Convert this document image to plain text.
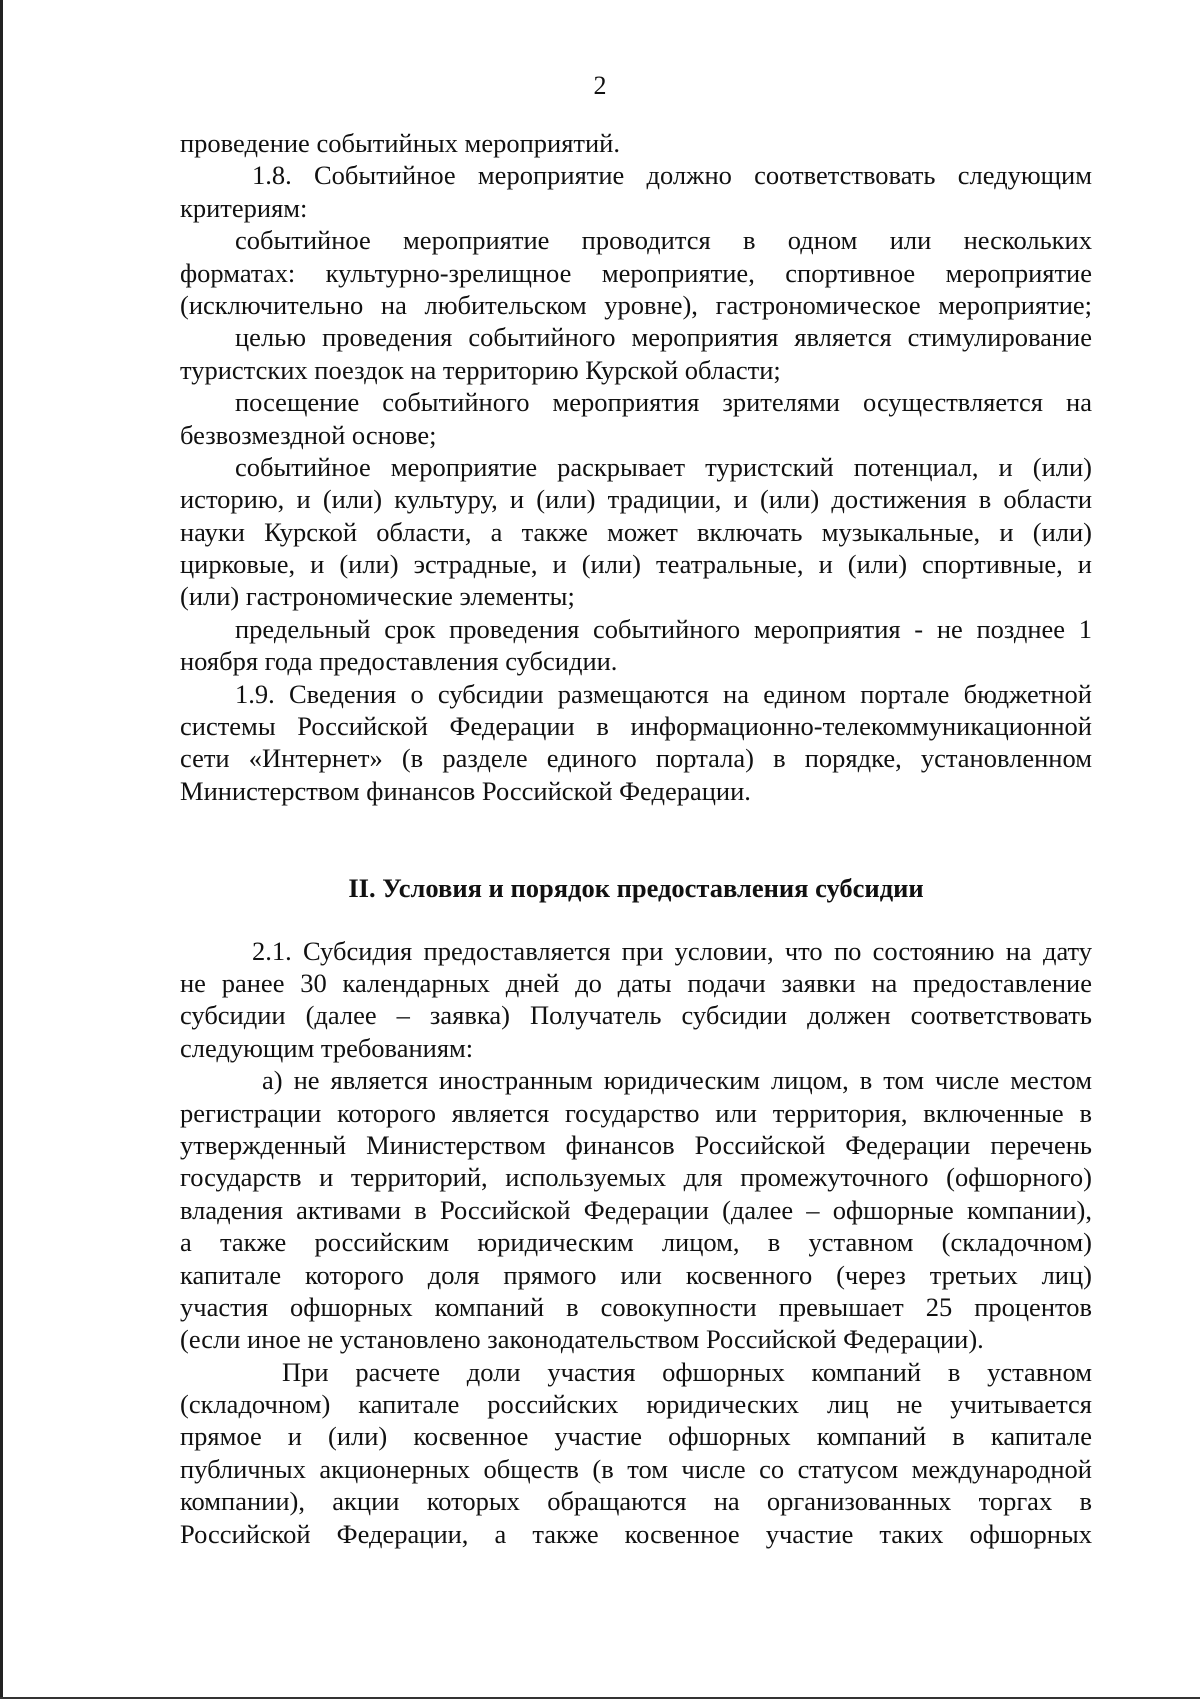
2
проведение событийных мероприятий.
1.8. Событийное мероприятие должно соответствовать следующим
критериям:
событийное мероприятие проводится в одном или нескольких
форматах: культурно-зрелищное мероприятие, спортивное мероприятие
(исключительно на любительском уровне), гастрономическое мероприятие;
целью проведения событийного мероприятия является стимулирование
туристских поездок на территорию Курской области;
посещение событийного мероприятия зрителями осуществляется на
безвозмездной основе;
событийное мероприятие раскрывает туристский потенциал, и (или)
историю, и (или) культуру, и (или) традиции, и (или) достижения в области
науки Курской области, а также может включать музыкальные, и (или)
цирковые, и (или) эстрадные, и (или) театральные, и (или) спортивные, и
(или) гастрономические элементы;
предельный срок проведения событийного мероприятия - не позднее 1
ноября года предоставления субсидии.
1.9. Сведения о субсидии размещаются на едином портале бюджетной
системы Российской Федерации в информационно-телекоммуникационной
сети «Интернет» (в разделе единого портала) в порядке, установленном
Министерством финансов Российской Федерации.
II. Условия и порядок предоставления субсидии
2.1. Субсидия предоставляется при условии, что по состоянию на дату
не ранее 30 календарных дней до даты подачи заявки на предоставление
субсидии (далее – заявка) Получатель субсидии должен соответствовать
следующим требованиям:
а) не является иностранным юридическим лицом, в том числе местом
регистрации которого является государство или территория, включенные в
утвержденный Министерством финансов Российской Федерации перечень
государств и территорий, используемых для промежуточного (офшорного)
владения активами в Российской Федерации (далее – офшорные компании),
а также российским юридическим лицом, в уставном (складочном)
капитале которого доля прямого или косвенного (через третьих лиц)
участия офшорных компаний в совокупности превышает 25 процентов
(если иное не установлено законодательством Российской Федерации).
При расчете доли участия офшорных компаний в уставном
(складочном) капитале российских юридических лиц не учитывается
прямое и (или) косвенное участие офшорных компаний в капитале
публичных акционерных обществ (в том числе со статусом международной
компании), акции которых обращаются на организованных торгах в
Российской Федерации, а также косвенное участие таких офшорных
